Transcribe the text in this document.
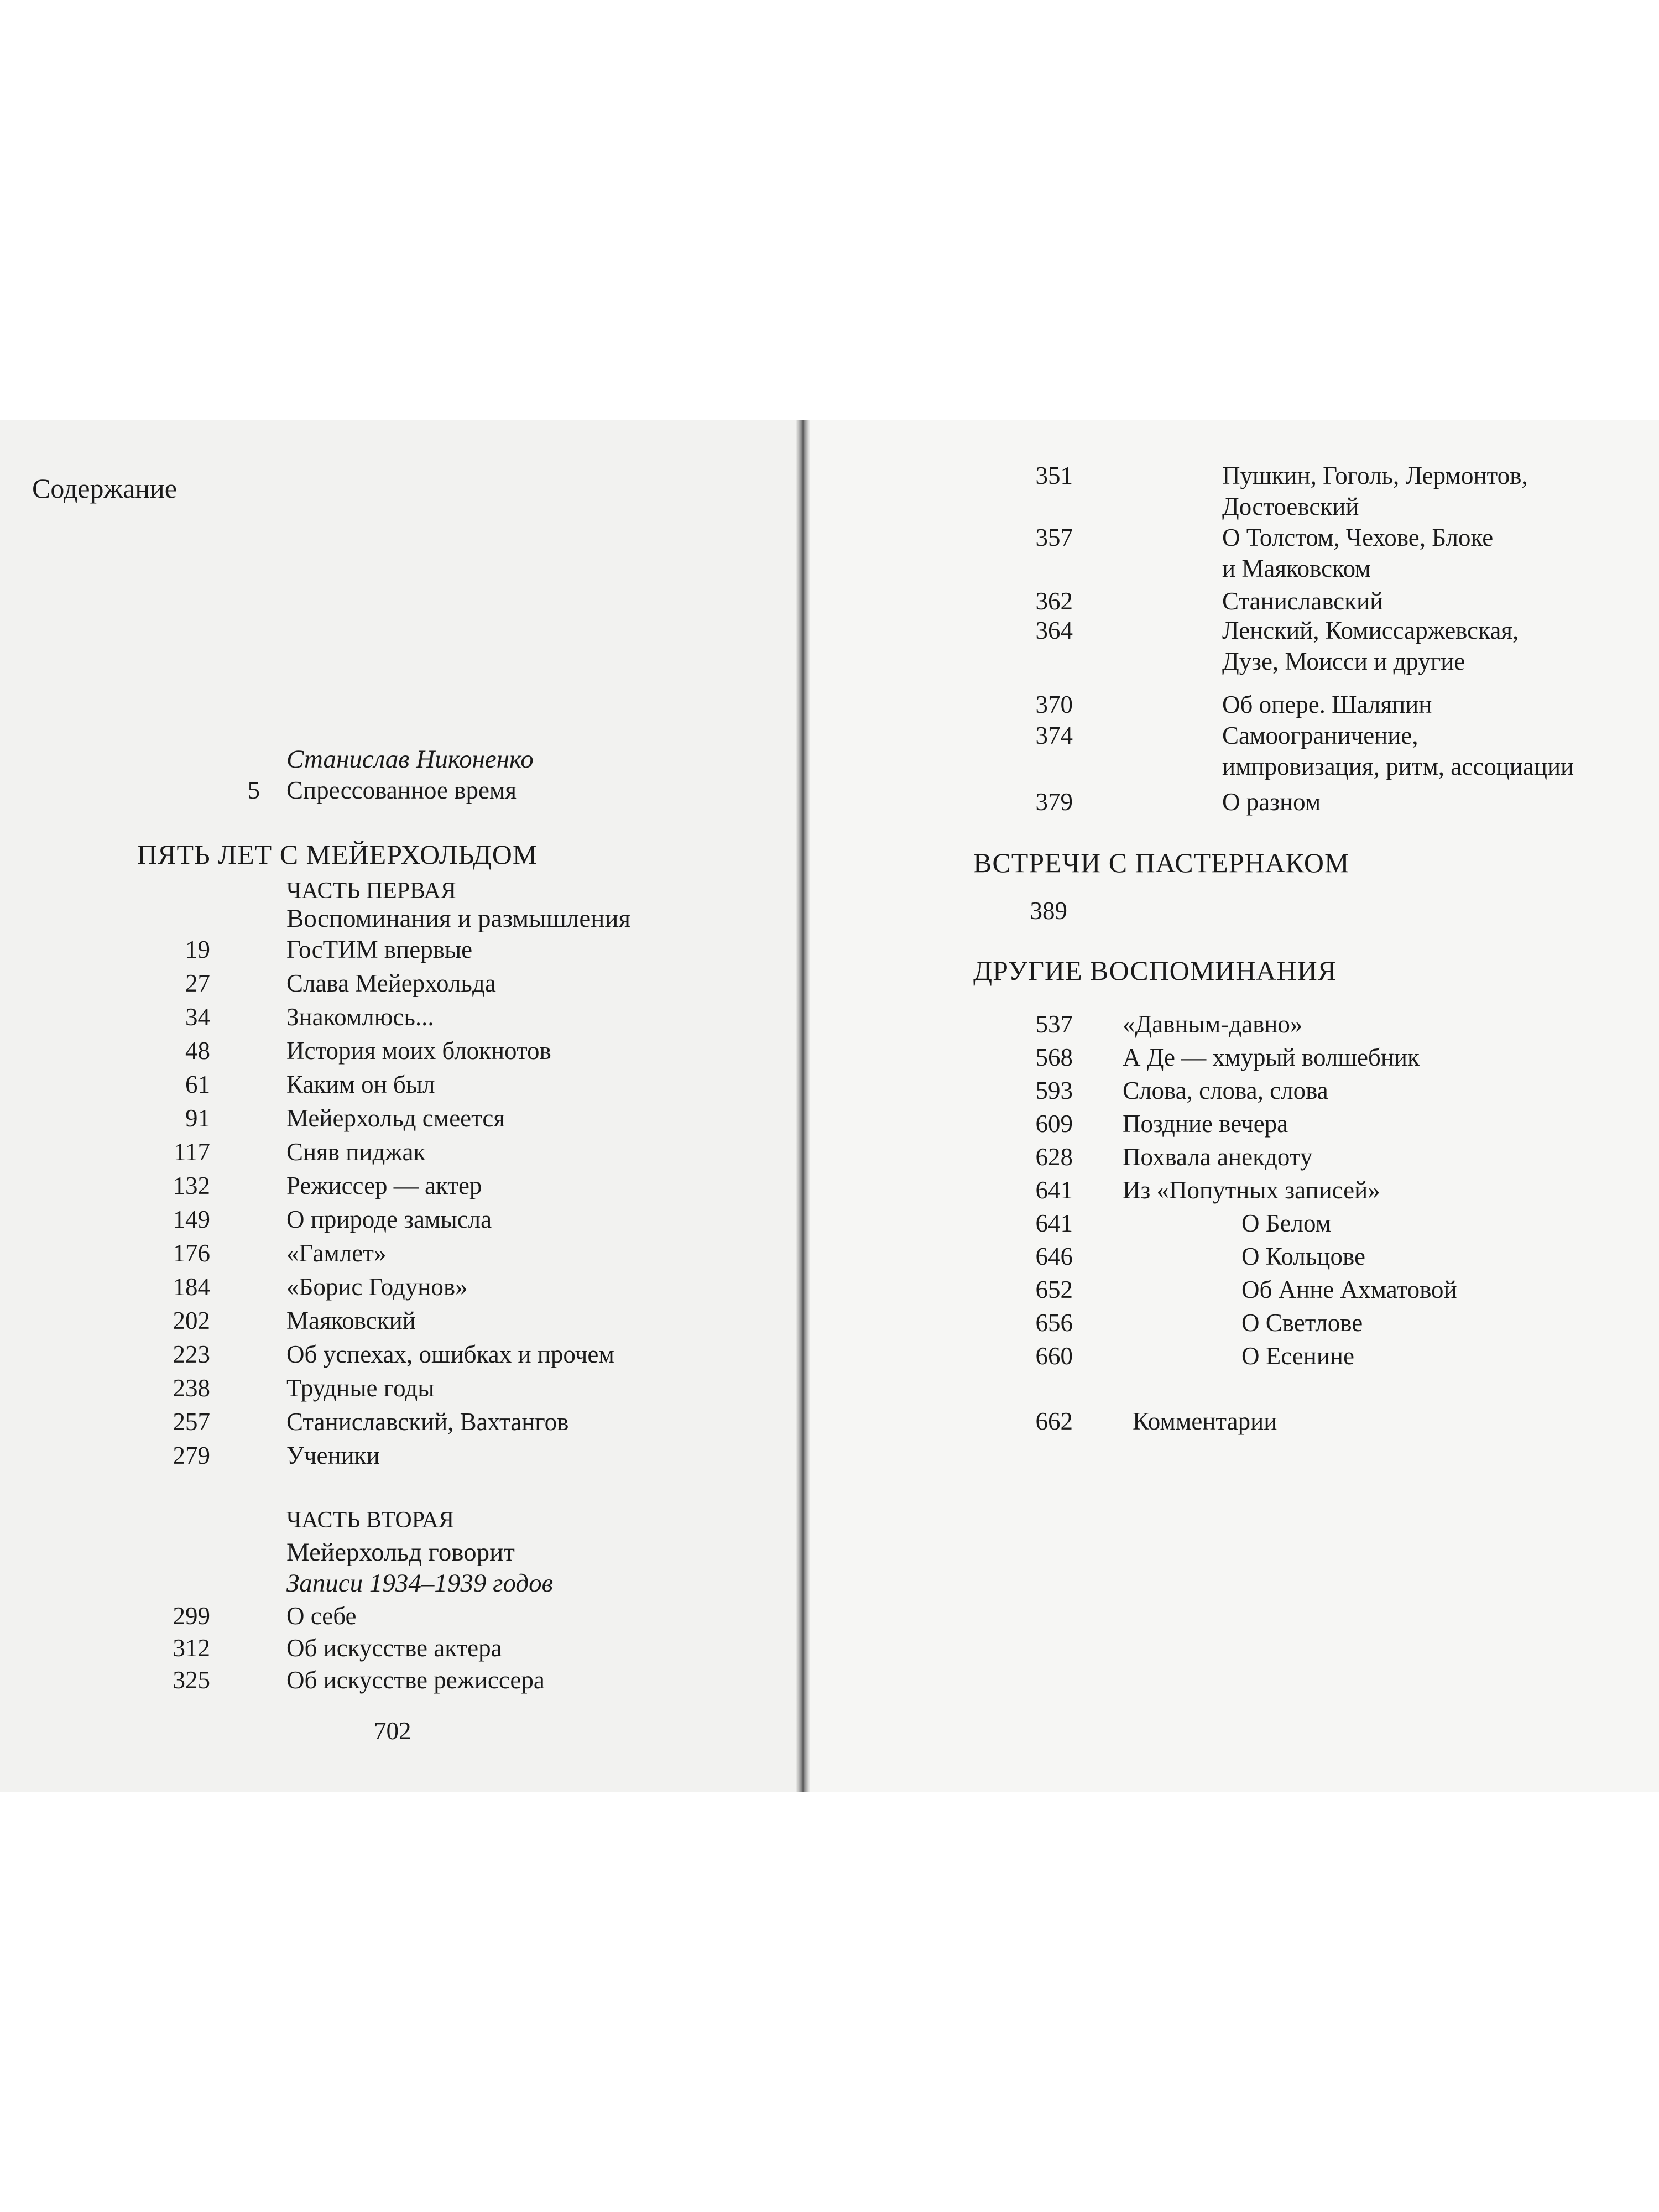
Содержание
Станислав Никоненко
5 Спрессованное время
ПЯТЬ ЛЕТ С МЕЙЕРХОЛЬДОМ
ЧАСТЬ ПЕРВАЯ
Воспоминания и размышления
19	ГосТИМ впервые
27	Слава Мейерхольда
34	Знакомлюсь...
48	История моих блокнотов
61	Каким он был
91	Мейерхольд смеется
117	Сняв пиджак
132	Режиссер — актер
149	О природе замысла
176	«Гамлет»
184	«Борис Годунов»
202	Маяковский
223	Об успехах, ошибках и прочем
238	Трудные годы
257	Станиславский, Вахтангов
279	Ученики
ЧАСТЬ ВТОРАЯ
Мейерхольд говорит
Записи 1934–1939 годов
299	О себе
312	Об искусстве актера
325	Об искусстве режиссера
702
351	Пушкин, Гоголь, Лермонтов,
Достоевский
357	О Толстом, Чехове, Блоке
и Маяковском
362	Станиславский
364	Ленский, Комиссаржевская,
Дузе, Моисси и другие
370	Об опере. Шаляпин
374	Самоограничение,
импровизация, ритм, ассоциации
379	О разном
ВСТРЕЧИ С ПАСТЕРНАКОМ
389
ДРУГИЕ ВОСПОМИНАНИЯ
537 «Давным-давно»
568 А Де — хмурый волшебник
593 Слова, слова, слова
609 Поздние вечера
628 Похвала анекдоту
641 Из «Попутных записей»
641	О Белом
646	О Кольцове
652	Об Анне Ахматовой
656	О Светлове
660	О Есенине
662 Комментарии
